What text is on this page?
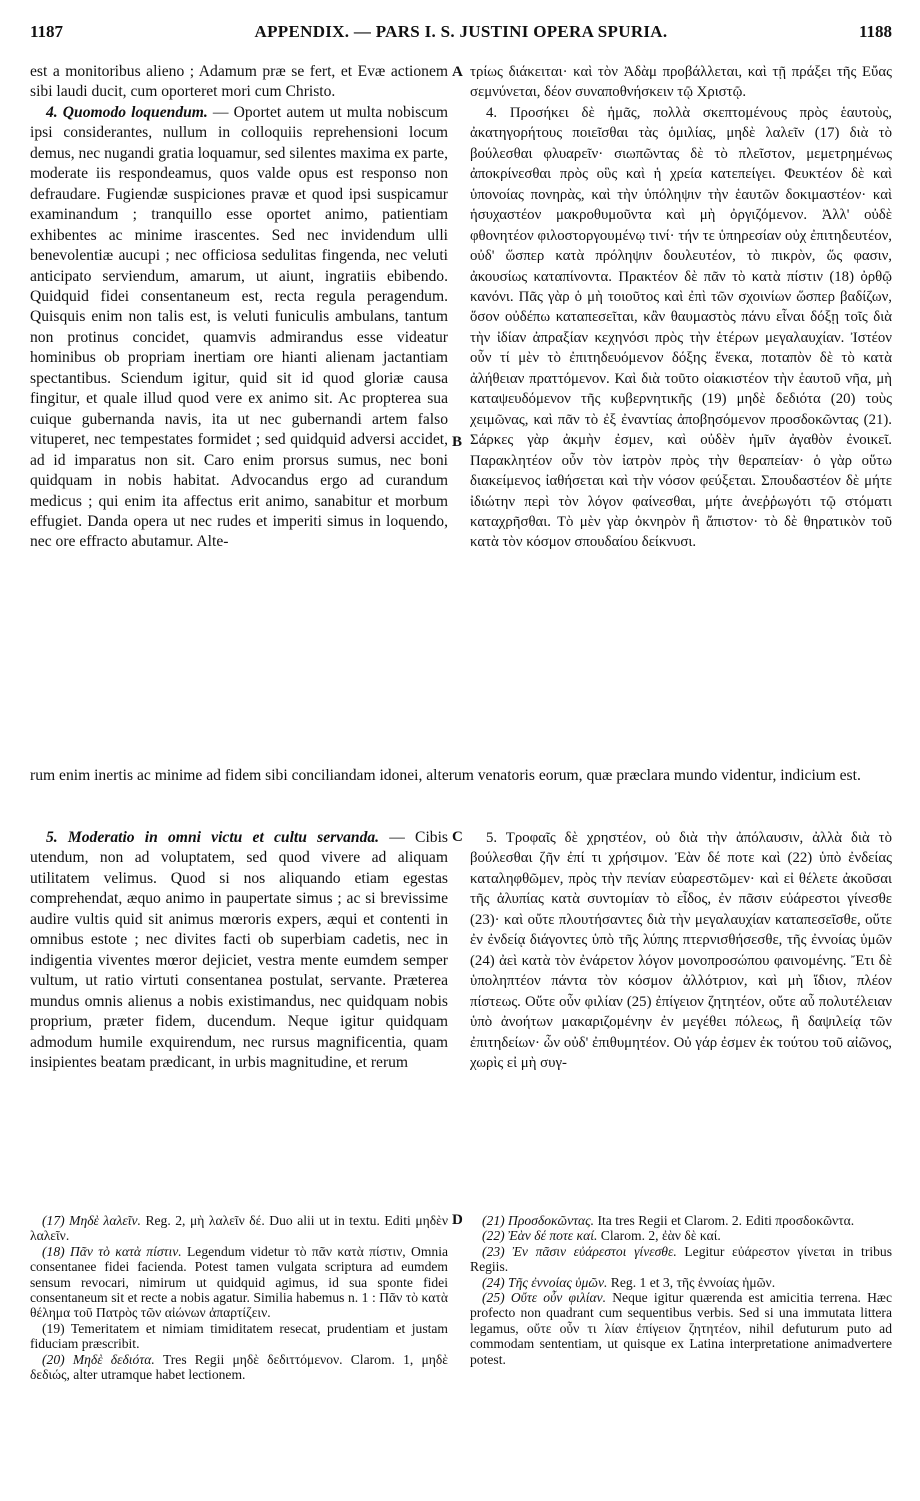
1187	APPENDIX. — PARS I. S. JUSTINI OPERA SPURIA.	1188
A
B
C
D

est a monitoribus alieno ; Adamum præ se fert, et Evæ actionem sibi laudi ducit, cum oporteret mori cum Christo.

4. Quomodo loquendum. — Oportet autem ut multa nobiscum ipsi considerantes, nullum in colloquiis reprehensioni locum demus, nec nugandi gratia loquamur, sed silentes maxima ex parte, moderate iis respondeamus, quos valde opus est responso non defraudare. Fugiendæ suspiciones pravæ et quod ipsi suspicamur examinandum ; tranquillo esse oportet animo, patientiam exhibentes ac minime irascentes. Sed nec invidendum ulli benevolentiæ aucupi ; nec officiosa sedulitas fingenda, nec veluti anticipato serviendum, amarum, ut aiunt, ingratiis ebibendo. Quidquid fidei consentaneum est, recta regula peragendum. Quisquis enim non talis est, is veluti funiculis ambulans, tantum non protinus concidet, quamvis admirandus esse videatur hominibus ob propriam inertiam ore hianti alienam jactantiam spectantibus. Sciendum igitur, quid sit id quod gloriæ causa fingitur, et quale illud quod vere ex animo sit. Ac propterea sua cuique gubernanda navis, ita ut nec gubernandi artem falso vituperet, nec tempestates formidet ; sed quidquid adversi accidet, ad id imparatus non sit. Caro enim prorsus sumus, nec boni quidquam in nobis habitat. Advocandus ergo ad curandum medicus ; qui enim ita affectus erit animo, sanabitur et morbum effugiet. Danda opera ut nec rudes et imperiti simus in loquendo, nec ore effracto abutamur. Alte-

τρίως διάκειται· καὶ τὸν Ἀδὰμ προβάλλεται, καὶ τῇ πράξει τῆς Εὔας σεμνύνεται, δέον συναποθνήσκειν τῷ Χριστῷ.

4. Προσήκει δὲ ἡμᾶς, πολλὰ σκεπτομένους πρὸς ἑαυτοὺς, ἀκατηγορήτους ποιεῖσθαι τὰς ὁμιλίας, μηδὲ λαλεῖν (17) διὰ τὸ βούλεσθαι φλυαρεῖν· σιωπῶντας δὲ τὸ πλεῖστον, μεμετρημένως ἀποκρίνεσθαι πρὸς οὓς καὶ ἡ χρεία κατεπείγει. Φευκτέον δὲ καὶ ὑπονοίας πονηρὰς, καὶ τὴν ὑπόληψιν τὴν ἑαυτῶν δοκιμαστέον· καὶ ἡσυχαστέον μακροθυμοῦντα καὶ μὴ ὀργιζόμενον. Ἀλλ' οὐδὲ φθονητέον φιλοστοργουμένῳ τινί· τήν τε ὑπηρεσίαν οὐχ ἐπιτηδευτέον, οὐδ' ὥσπερ κατὰ πρόληψιν δουλευτέον, τὸ πικρὸν, ὥς φασιν, ἀκουσίως καταπίνοντα. Πρακτέον δὲ πᾶν τὸ κατὰ πίστιν (18) ὀρθῷ κανόνι. Πᾶς γὰρ ὁ μὴ τοιοῦτος καὶ ἐπὶ τῶν σχοινίων ὥσπερ βαδίζων, ὅσον οὐδέπω καταπεσεῖται, κἂν θαυμαστὸς πάνυ εἶναι δόξῃ τοῖς διὰ τὴν ἰδίαν ἀπραξίαν κεχηνόσι πρὸς τὴν ἑτέρων μεγαλαυχίαν. Ἰστέον οὖν τί μὲν τὸ ἐπιτηδευόμενον δόξης ἕνεκα, ποταπὸν δὲ τὸ κατὰ ἀλήθειαν πραττόμενον. Καὶ διὰ τοῦτο οἰακιστέον τὴν ἑαυτοῦ νῆα, μὴ καταψευδόμενον τῆς κυβερνητικῆς (19) μηδὲ δεδιότα (20) τοὺς χειμῶνας, καὶ πᾶν τὸ ἐξ ἐναντίας ἀποβησόμενον προσδοκῶντας (21). Σάρκες γὰρ ἀκμὴν ἐσμεν, καὶ οὐδὲν ἡμῖν ἀγαθὸν ἐνοικεῖ. Παρακλητέον οὖν τὸν ἰατρὸν πρὸς τὴν θεραπείαν· ὁ γὰρ οὕτω διακείμενος ἰαθήσεται καὶ τὴν νόσον φεύξεται. Σπουδαστέον δὲ μήτε ἰδιώτην περὶ τὸν λόγον φαίνεσθαι, μήτε ἀνεῤῥωγότι τῷ στόματι καταχρῆσθαι. Τὸ μὲν γὰρ ὀκνηρὸν ἢ ἄπιστον· τὸ δὲ θηρατικὸν τοῦ κατὰ τὸν κόσμον σπουδαίου δείκνυσι.

rum enim inertis ac minime ad fidem sibi conciliandam idonei, alterum venatoris eorum, quæ præclara mundo videntur, indicium est.

5. Moderatio in omni victu et cultu servanda. — Cibis utendum, non ad voluptatem, sed quod vivere ad aliquam utilitatem velimus. Quod si nos aliquando etiam egestas comprehendat, æquo animo in paupertate simus ; ac si brevissime audire vultis quid sit animus mœroris expers, æqui et contenti in omnibus estote ; nec divites facti ob superbiam cadetis, nec in indigentia viventes mœror dejiciet, vestra mente eumdem semper vultum, ut ratio virtuti consentanea postulat, servante. Præterea mundus omnis alienus a nobis existimandus, nec quidquam nobis proprium, præter fidem, ducendum. Neque igitur quidquam admodum humile exquirendum, nec rursus magnificentia, quam insipientes beatam prædicant, in urbis magnitudine, et rerum

5. Τροφαῖς δὲ χρηστέον, οὐ διὰ τὴν ἀπόλαυσιν, ἀλλὰ διὰ τὸ βούλεσθαι ζῆν ἐπί τι χρήσιμον. Ἐὰν δέ ποτε καὶ (22) ὑπὸ ἐνδείας καταληφθῶμεν, πρὸς τὴν πενίαν εὐαρεστῶμεν· καὶ εἰ θέλετε ἀκοῦσαι τῆς ἀλυπίας κατὰ συντομίαν τὸ εἶδος, ἐν πᾶσιν εὐάρεστοι γίνεσθε (23)· καὶ οὔτε πλουτήσαντες διὰ τὴν μεγαλαυχίαν καταπεσεῖσθε, οὔτε ἐν ἐνδείᾳ διάγοντες ὑπὸ τῆς λύπης πτερνισθήσεσθε, τῆς ἐννοίας ὑμῶν (24) ἀεὶ κατὰ τὸν ἐνάρετον λόγον μονοπροσώπου φαινομένης. Ἔτι δὲ ὑποληπτέον πάντα τὸν κόσμον ἀλλότριον, καὶ μὴ ἴδιον, πλέον πίστεως. Οὔτε οὖν φιλίαν (25) ἐπίγειον ζητητέον, οὔτε αὖ πολυτέλειαν ὑπὸ ἀνοήτων μακαριζομένην ἐν μεγέθει πόλεως, ἢ δαψιλείᾳ τῶν ἐπιτηδείων· ὧν οὐδ' ἐπιθυμητέον. Οὐ γάρ ἐσμεν ἐκ τούτου τοῦ αἰῶνος, χωρὶς εἰ μὴ συγ-

(17) Μηδὲ λαλεῖν. Reg. 2, μὴ λαλεῖν δέ. Duo alii ut in textu. Editi μηδὲν λαλεῖν.

(18) Πᾶν τὸ κατὰ πίστιν. Legendum videtur τὸ πᾶν κατὰ πίστιν, Omnia consentanee fidei facienda. Potest tamen vulgata scriptura ad eumdem sensum revocari, nimirum ut quidquid agimus, id sua sponte fidei consentaneum sit et recte a nobis agatur. Similia habemus n. 1 : Πᾶν τὸ κατὰ θέλημα τοῦ Πατρὸς τῶν αἰώνων ἀπαρτίζειν.

(19) Temeritatem et nimiam timiditatem resecat, prudentiam et justam fiduciam præscribit.

(20) Μηδὲ δεδιότα. Tres Regii μηδὲ δεδιττόμενον. Clarom. 1, μηδὲ δεδιώς, alter utramque habet lectionem.

(21) Προσδοκῶντας. Ita tres Regii et Clarom. 2. Editi προσδοκῶντα.

(22) Ἐὰν δέ ποτε καί. Clarom. 2, ἐὰν δὲ καί.

(23) Ἐν πᾶσιν εὐάρεστοι γίνεσθε. Legitur εὐάρεστον γίνεται in tribus Regiis.

(24) Τῆς ἐννοίας ὑμῶν. Reg. 1 et 3, τῆς ἐννοίας ἡμῶν.

(25) Οὔτε οὖν φιλίαν. Neque igitur quærenda est amicitia terrena. Hæc profecto non quadrant cum sequentibus verbis. Sed si una immutata littera legamus, οὔτε οὖν τι λίαν ἐπίγειον ζητητέον, nihil defuturum puto ad commodam sententiam, ut quisque ex Latina interpretatione animadvertere potest.
